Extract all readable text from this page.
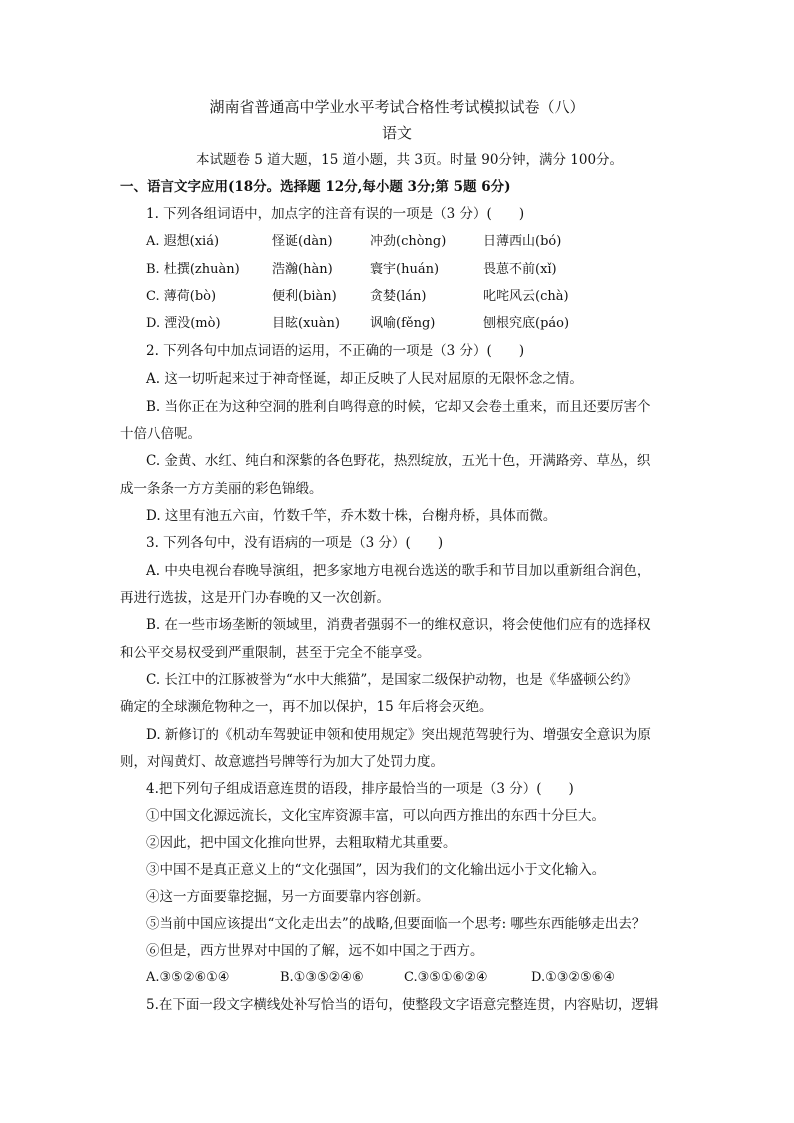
湖南省普通高中学业水平考试合格性考试模拟试卷（八）
语文
本试题卷 5 道大题，15 道小题，共 3页。时量 90分钟，满分 100分。
一、语言文字应用(18分。选择题 12分,每小题 3分;第 5题 6分)
1. 下列各组词语中，加点字的注音有误的一项是（3 分）(　　)
A. 遐想(xiá)	怪诞(dàn)	冲劲(chòng)	日薄西山(bó)
B. 杜撰(zhuàn) 浩瀚(hàn)	寰宇(huán)	畏葸不前(xǐ)
C. 薄荷(bò)	便利(biàn)	贪婪(lán)	叱咤风云(chà)
D. 湮没(mò)	目眩(xuàn) 讽喻(fěng)	刨根究底(páo)
2. 下列各句中加点词语的运用，不正确的一项是（3 分）(　　)
A. 这一切听起来过于神奇怪诞，却正反映了人民对屈原的无限怀念之情。
B. 当你正在为这种空洞的胜利自鸣得意的时候，它却又会卷土重来，而且还要厉害个
十倍八倍呢。
C. 金黄、水红、纯白和深紫的各色野花，热烈绽放，五光十色，开满路旁、草丛，织
成一条条一方方美丽的彩色锦缎。
D. 这里有池五六亩，竹数千竿，乔木数十株，台榭舟桥，具体而微。
3. 下列各句中，没有语病的一项是（3 分）(　　)
A. 中央电视台春晚导演组，把多家地方电视台选送的歌手和节目加以重新组合润色，
再进行选拔，这是开门办春晚的又一次创新。
B. 在一些市场垄断的领域里，消费者强弱不一的维权意识，将会使他们应有的选择权
和公平交易权受到严重限制，甚至于完全不能享受。
C. 长江中的江豚被誉为“水中大熊猫”，是国家二级保护动物，也是《华盛顿公约》
确定的全球濒危物种之一，再不加以保护，15 年后将会灭绝。
D. 新修订的《机动车驾驶证申领和使用规定》突出规范驾驶行为、增强安全意识为原
则，对闯黄灯、故意遮挡号牌等行为加大了处罚力度。
4.把下列句子组成语意连贯的语段，排序最恰当的一项是（3 分）(　　)
①中国文化源远流长，文化宝库资源丰富，可以向西方推出的东西十分巨大。
②因此，把中国文化推向世界，去粗取精尤其重要。
③中国不是真正意义上的“文化强国”，因为我们的文化输出远小于文化输入。
④这一方面要靠挖掘，另一方面要靠内容创新。
⑤当前中国应该提出“文化走出去”的战略,但要面临一个思考: 哪些东西能够走出去？
⑥但是，西方世界对中国的了解，远不如中国之于西方。
A.③⑤②⑥①④	B.①③⑤②④⑥	C.③⑤①⑥②④	D.①③②⑤⑥④
5.在下面一段文字横线处补写恰当的语句，使整段文字语意完整连贯，内容贴切，逻辑
